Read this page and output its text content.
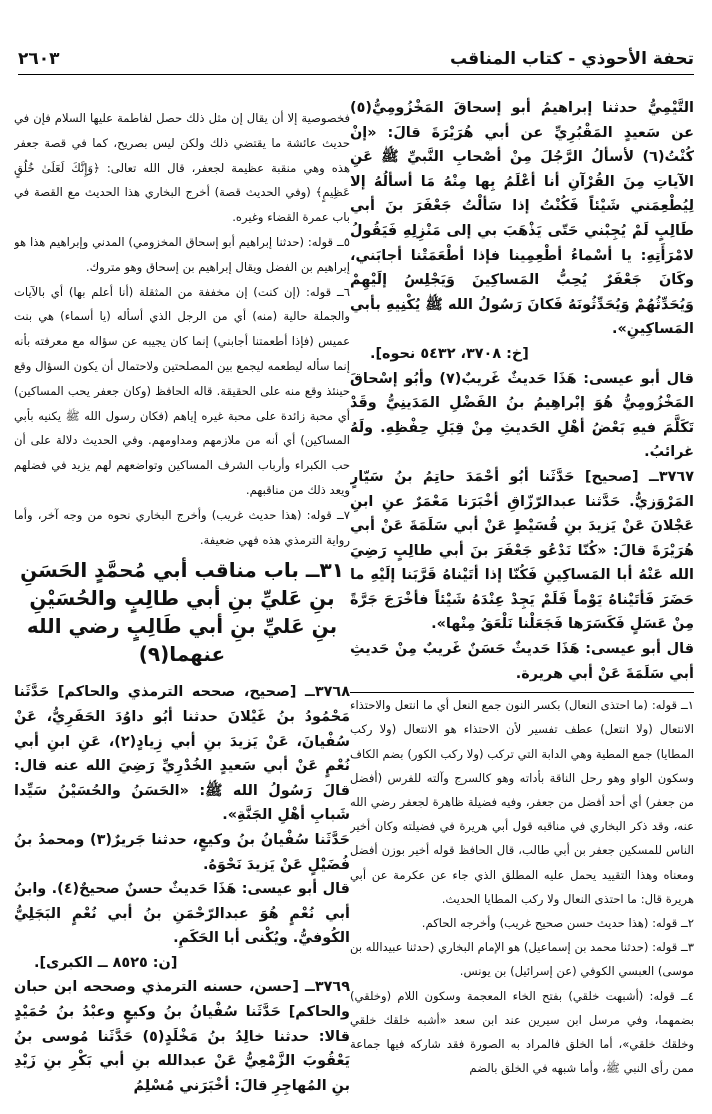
٢٦٠٣	تحفة الأحوذي - كتاب المناقب

التَّيْمِيُّ حدثنا إبراهيمُ أبو إسحاقَ المَخْزُومِيُّ(٥) عن سَعيدٍ المَقْبُرِيِّ عن أبي هُرَيْرَةَ قالَ: «إنْ كُنْتُ(٦) لأسألُ الرَّجُلَ مِنْ أصْحابِ النَّبيِّ ﷺ عَنِ الآياتِ مِنَ القُرْآنِ أنا أعْلَمُ بِها مِنْهُ مَا أسألُهُ إلا لِيُطْعِمَني شَيْئاً فَكُنْتُ إذا سَألْتُ جَعْفَرَ بنَ أبي طَالِبٍ لَمْ يُجِبْني حَتّى يَذْهَبَ بي إلى مَنْزِلِهِ فَيَقُولُ لامْرَأَتِهِ: يا أسْماءُ أطْعِمِينا فإذا أطْعَمَتْنا أجابَني، وكَانَ جَعْفَرٌ يُحِبُّ المَساكِينَ وَيَجْلِسُ إلَيْهِمْ وَيُحَدِّثُهُمْ وَيُحَدِّثُونَهُ فَكانَ رَسُولُ الله ﷺ يُكْنِيهِ بأبي المَساكِينِ».

[خ: ٣٧٠٨، ٥٤٣٢ نحوه].

قال أبو عيسى: هَذَا حَديثٌ غَريبٌ(٧) وأبُو إسْحاقَ المَخْزُومِيُّ هُوَ إبْراهِيمُ بنُ الفَضْلِ المَدَينِيُّ وقَدْ تَكَلَّمَ فيهِ بَعْضُ أهْلِ الحَديثِ مِنْ قِبَلِ حِفْظِهِ. ولَهُ غرائبُ.

٣٧٦٧ــ [صحيح] حَدَّثَنا أبُو أحْمَدَ حاتِمُ بنُ سَيّارٍ المَرْوَزيُّ. حَدَّثنا عبدالرّزّاقِ أخْبَرَنا مَعْمَرٌ عنِ ابنِ عَجْلانَ عَنْ يَزيدَ بنِ قُسَيْطٍ عَنْ أبي سَلَمَةَ عَنْ أبي هُرَيْرَةَ قالَ: «كُنّا نَدْعُو جَعْفَرَ بنَ أبي طالِبٍ رَضِيَ الله عَنْهُ أبا المَساكِينِ فَكُنّا إذا أتَيْناهُ قَرَّبَنا إلَيْهِ ما حَضَرَ فَأتَيْناهُ يَوْماً فَلَمْ يَجِدْ عِنْدَهُ شَيْئاً فأخْرَجَ جَرَّةً مِنْ عَسَلٍ فَكَسَرَها فَجَعَلْنا نَلْعَقُ مِنْها».

قال أبو عيسى: هَذَا حَديثٌ حَسَنٌ غَريبٌ مِنْ حَديثِ أبي سَلَمَةَ عَنْ أبي هريرة.

١ــ قوله: (ما احتذى النعال) بكسر النون جمع النعل أي ما انتعل والاحتذاء الانتعال (ولا انتعل) عطف تفسير لأن الاحتذاء هو الانتعال (ولا ركب المطايا) جمع المطية وهي الدابة التي تركب (ولا ركب الكور) بضم الكاف وسكون الواو وهو رحل الناقة بأداته وهو كالسرج وآلته للفرس (أفضل من جعفر) أي أحد أفضل من جعفر، وفيه فضيلة ظاهرة لجعفر رضي الله عنه، وقد ذكر البخاري في مناقبه قول أبي هريرة في فضيلته وكان أخير الناس للمسكين جعفر بن أبي طالب، قال الحافظ قوله أخير بوزن أفضل ومعناه وهذا التقييد يحمل عليه المطلق الذي جاء عن عكرمة عن أبي هريرة قال: ما احتذى النعال ولا ركب المطايا الحديث.

٢ــ قوله: (هذا حديث حسن صحيح غريب) وأخرجه الحاكم.

٣ــ قوله: (حدثنا محمد بن إسماعيل) هو الإمام البخاري (حدثنا عبيدالله بن موسى) العبسي الكوفي (عن إسرائيل) بن يونس.

٤ــ قوله: (أشبهت خلقي) بفتح الخاء المعجمة وسكون اللام (وخلقي) بضمهما، وفي مرسل ابن سيرين عند ابن سعد «أشبه خلقك خلقي وخلقك خلقي»، أما الخلق فالمراد به الصورة فقد شاركه فيها جماعة ممن رأى النبي ﷺ، وأما شبهه في الخلق بالضم

فخصوصية إلا أن يقال إن مثل ذلك حصل لفاطمة عليها السلام فإن في حديث عائشة ما يقتضي ذلك ولكن ليس بصريح، كما في قصة جعفر هذه وهي منقبة عظيمة لجعفر، قال الله تعالى: ﴿وَإِنَّكَ لَعَلَىٰ خُلُقٍ عَظِيمٍ﴾ (وفي الحديث قصة) أخرج البخاري هذا الحديث مع القصة في باب عمرة القضاء وغيره.

٥ــ قوله: (حدثنا إبراهيم أبو إسحاق المخزومي) المدني وإبراهيم هذا هو إبراهيم بن الفضل ويقال إبراهيم بن إسحاق وهو متروك.

٦ــ قوله: (إن كنت) إن مخففة من المثقلة (أنا أعلم بها) أي بالآيات والجملة حالية (منه) أي من الرجل الذي أسأله (يا أسماء) هي بنت عميس (فإذا أطعمتنا أجابني) إنما كان يجيبه عن سؤاله مع معرفته بأنه إنما سأله ليطعمه ليجمع بين المصلحتين ولاحتمال أن يكون السؤال وقع حينئذ وقع منه على الحقيقة. قاله الحافظ (وكان جعفر يحب المساكين) أي محبة زائدة على محبة غيره إياهم (فكان رسول الله ﷺ يكنيه بأبي المساكين) أي أنه من ملازمهم ومداومهم. وفي الحديث دلالة على أن حب الكبراء وأرباب الشرف المساكين وتواضعهم لهم يزيد في فضلهم ويعد ذلك من مناقبهم.

٧ــ قوله: (هذا حديث غريب) وأخرج البخاري نحوه من وجه آخر، وأما رواية الترمذي هذه فهي ضعيفة.

٣١ــ باب مناقب أبي مُحمَّدٍ الحَسَنِ بنِ عَليِّ بنِ أبي طالِبٍ والحُسَيْنِ بنِ عَليِّ بنِ أبي طَالِبٍ رضي الله عنهما(٩)

٣٧٦٨ــ [صحيح، صححه الترمذي والحاكم] حَدَّثَنا مَحْمُودُ بنُ غَيْلانَ حدثنا أبُو داوُدَ الحَفَرِيُّ، عَنْ سُفْيانَ، عَنْ يَزيدَ بنِ أبي زِيادٍ(٢)، عَنِ ابنِ أبي نُعْمٍ عَنْ أبي سَعيدٍ الخُدْرِيِّ رَضِيَ الله عنه قال: قالَ رَسُولُ الله ﷺ: «الحَسَنُ والحُسَيْنُ سَيِّدا شَبابِ أهْلِ الجَنَّةِ».

حَدَّثَنا سُفْيانُ بنُ وكيعٍ، حدثنا جَريرٌ(٣) ومحمدُ بنُ فُضَيْلٍ عَنْ يَزيدَ نَحْوَهُ.

قال أبو عيسى: هَذَا حَديثٌ حسنٌ صحيحٌ(٤). وابنُ أبي نُعْمٍ هُوَ عبدالرّحْمَنِ بنُ أبي نُعْمٍ البَجَلِيُّ الكُوفيُّ. ويُكْنى أبا الحَكَمِ.

[ن: ٨٥٢٥ ــ الكبرى].

٣٧٦٩ــ [حسن، حسنه الترمذي وصححه ابن حبان والحاكم] حَدَّثَنا سُفْيانُ بنُ وكيعٍ وعبْدُ بنُ حُمَيْدٍ قالا: حدثنا خالِدُ بنُ مَخْلَدٍ(٥) حَدَّثَنا مُوسى بنُ يَعْقُوبَ الزَّمْعِيُّ عَنْ عبدالله بنِ أبي بَكْرِ بنِ زَيْدِ بنِ المُهاجِرِ قالَ: أخْبَرَني مُسْلِمُ
